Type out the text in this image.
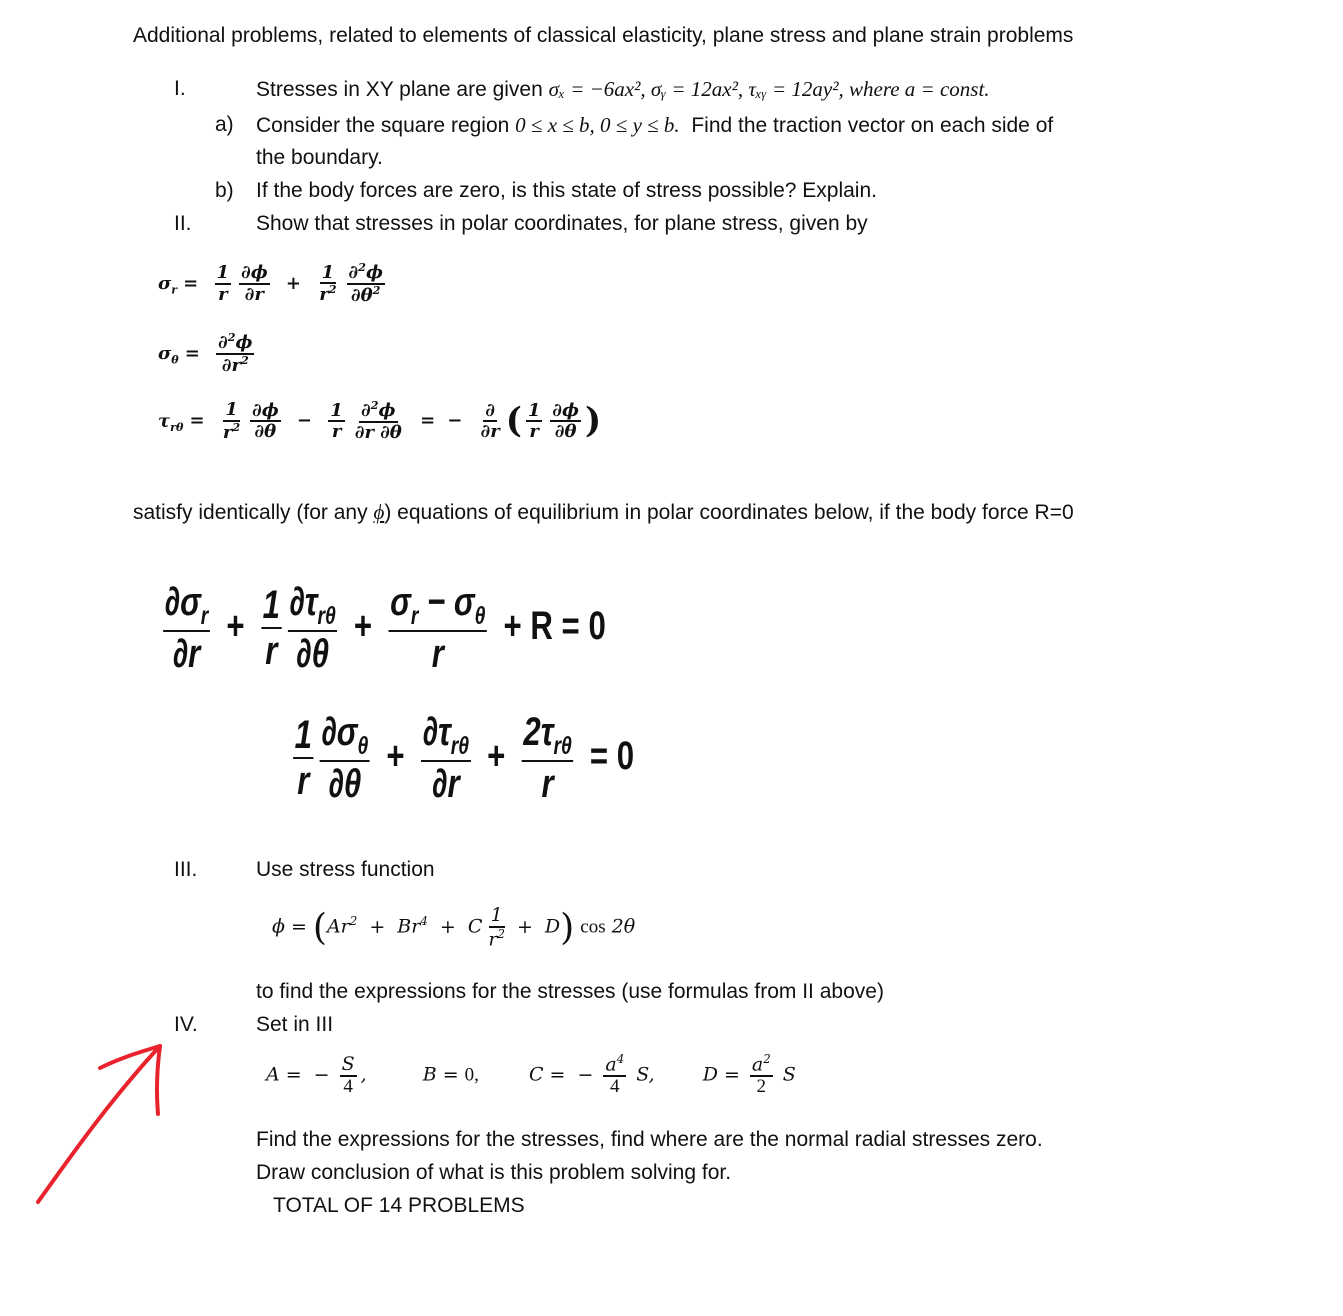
Additional problems, related to elements of classical elasticity, plane stress and plane strain problems
I.	Stresses in XY plane are given σₓ = −6ax², σᵧ = 12ax², τₓᵧ = 12ay², where a = const.
a) Consider the square region 0 ≤ x ≤ b, 0 ≤ y ≤ b. Find the traction vector on each side of
the boundary.
b) If the body forces are zero, is this state of stress possible? Explain.
II.	Show that stresses in polar coordinates, for plane stress, given by
$\sigma_r = \frac{1}{r} \frac{\partial\phi}{\partial r} + \frac{1}{r^2} \frac{\partial^2\phi}{\partial\theta^2}$
$\sigma_\theta = \frac{\partial^2\phi}{\partial r^2}$
$\tau_{r\theta} = \frac{1}{r^2} \frac{\partial\phi}{\partial\theta} - \frac{1}{r} \frac{\partial^2\phi}{\partial r \partial\theta}$ = − $\frac{\partial}{\partial r}$ ( $\frac{1}{r} \frac{\partial\phi}{\partial\theta}$ )
satisfy identically (for any ϕ) equations of equilibrium in polar coordinates below, if the body force R=0
$\frac{\partial\sigma_r}{\partial r} + \frac{1}{r} \frac{\partial\tau_{r\theta}}{\partial\theta} + \frac{\sigma_r - \sigma_\theta}{r} + R = 0$
$\frac{1}{r} \frac{\partial\sigma_\theta}{\partial\theta} + \frac{\partial\tau_{r\theta}}{\partial r} + \frac{2\tau_{r\theta}}{r} = 0$
III.	Use stress function
$\phi = (Ar^2 + Br^4 + C \frac{1}{r^2} + D)$ cos 2θ
to find the expressions for the stresses (use formulas from II above)
IV.	Set in III
A = − $\frac{S}{4}$ ,  B = 0,  C = − $\frac{a^4}{4} S$,  $D = \frac{a^2}{2}$ S
Find the expressions for the stresses, find where are the normal radial stresses zero.
Draw conclusion of what is this problem solving for.
TOTAL OF 14 PROBLEMS
